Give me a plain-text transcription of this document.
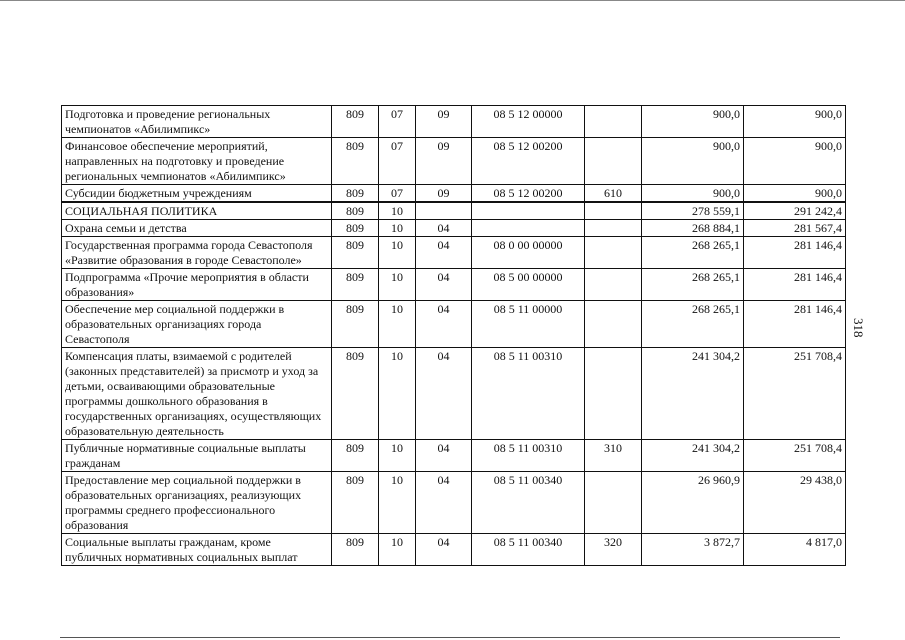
Подготовка и проведение региональных чемпионатов «Абилимпикс»	809	07	09	08 5 12 00000		900,0	900,0
Финансовое обеспечение мероприятий, направленных на подготовку и проведение региональных чемпионатов «Абилимпикс»	809	07	09	08 5 12 00200		900,0	900,0
Субсидии бюджетным учреждениям	809	07	09	08 5 12 00200	610	900,0	900,0
СОЦИАЛЬНАЯ ПОЛИТИКА	809	10				278 559,1	291 242,4
Охрана семьи и детства	809	10	04			268 884,1	281 567,4
Государственная программа города Севастополя «Развитие образования в городе Севастополе»	809	10	04	08 0 00 00000		268 265,1	281 146,4
Подпрограмма «Прочие мероприятия в области образования»	809	10	04	08 5 00 00000		268 265,1	281 146,4
Обеспечение мер социальной поддержки в образовательных организациях города Севастополя	809	10	04	08 5 11 00000		268 265,1	281 146,4
Компенсация платы, взимаемой с родителей (законных представителей) за присмотр и уход за детьми, осваивающими образовательные программы дошкольного образования в государственных организациях, осуществляющих образовательную деятельность	809	10	04	08 5 11 00310		241 304,2	251 708,4
Публичные нормативные социальные выплаты гражданам	809	10	04	08 5 11 00310	310	241 304,2	251 708,4
Предоставление мер социальной поддержки в образовательных организациях, реализующих программы среднего профессионального образования	809	10	04	08 5 11 00340		26 960,9	29 438,0
Социальные выплаты гражданам, кроме публичных нормативных социальных выплат	809	10	04	08 5 11 00340	320	3 872,7	4 817,0
318
